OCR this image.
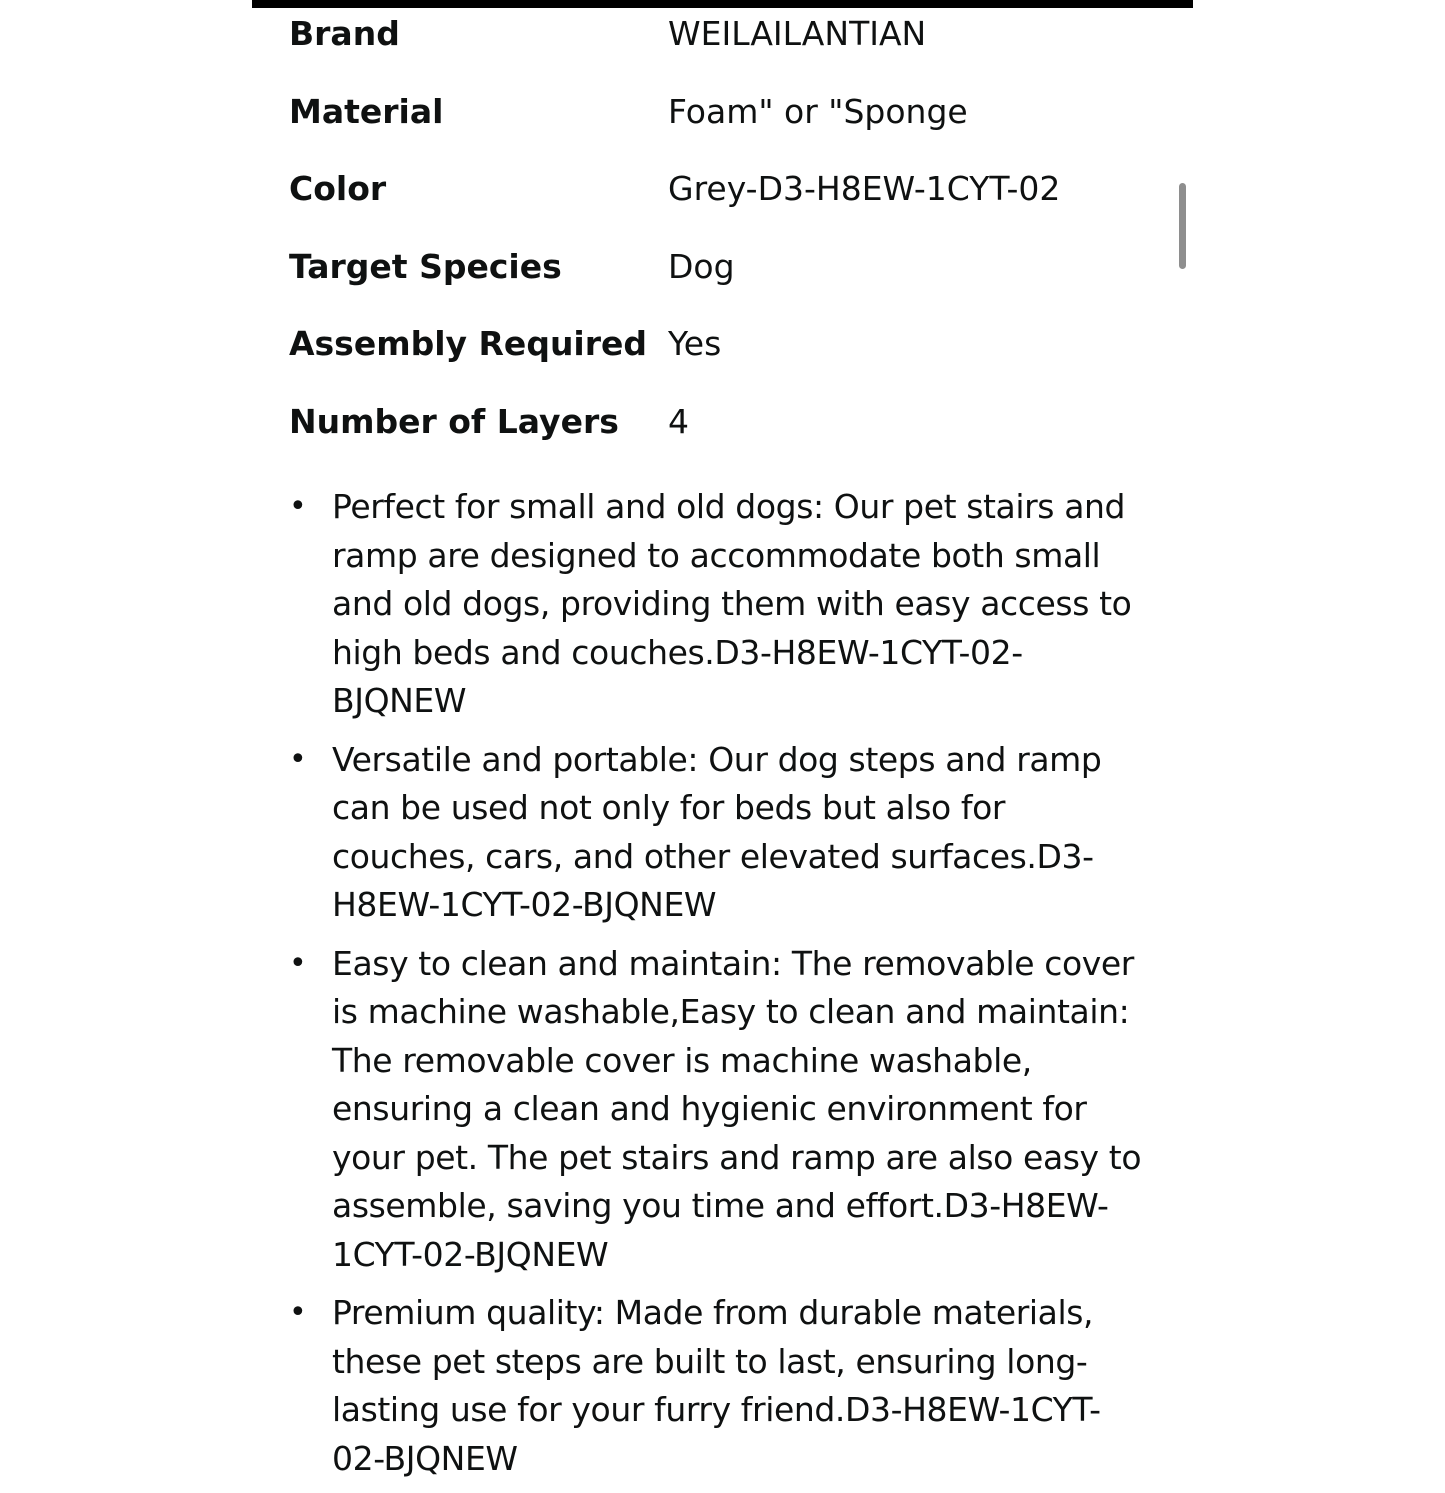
Brand	WEILAILANTIAN
Material	Foam" or "Sponge
Color	Grey-D3-H8EW-1CYT-02
Target Species	Dog
Assembly Required Yes
Number of Layers	4
• Perfect for small and old dogs: Our pet stairs and ramp are designed to accommodate both small and old dogs, providing them with easy access to high beds and couches.D3-H8EW-1CYT-02-BJQNEW
• Versatile and portable: Our dog steps and ramp can be used not only for beds but also for couches, cars, and other elevated surfaces.D3-H8EW-1CYT-02-BJQNEW
• Easy to clean and maintain: The removable cover is machine washable,Easy to clean and maintain: The removable cover is machine washable, ensuring a clean and hygienic environment for your pet. The pet stairs and ramp are also easy to assemble, saving you time and effort.D3-H8EW-1CYT-02-BJQNEW
• Premium quality: Made from durable materials, these pet steps are built to last, ensuring long-lasting use for your furry friend.D3-H8EW-1CYT-02-BJQNEW
